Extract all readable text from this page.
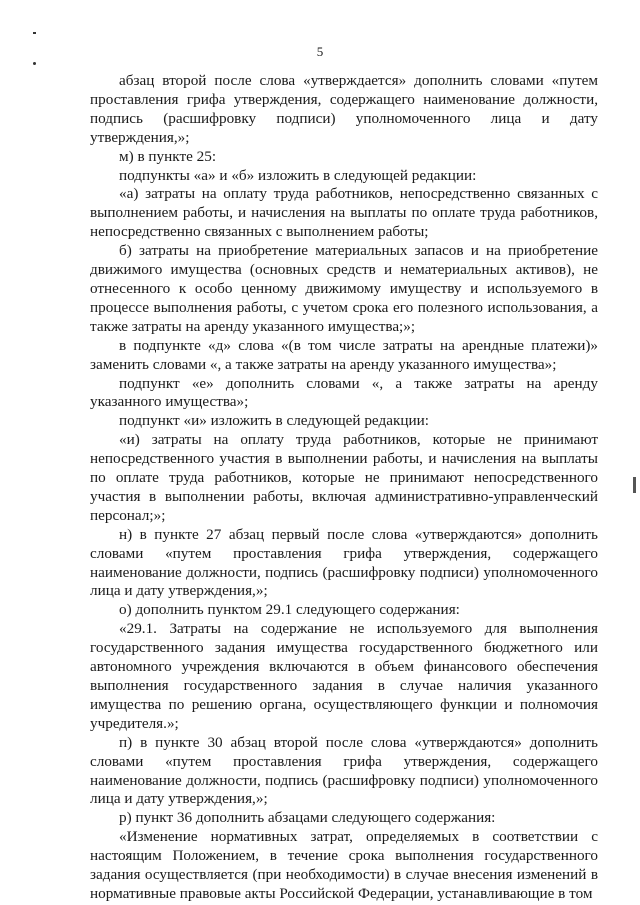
5

абзац второй после слова «утверждается» дополнить словами «путем проставления грифа утверждения, содержащего наименование должности, подпись (расшифровку подписи) уполномоченного лица и дату утверждения,»;

м) в пункте 25:

подпункты «а» и «б» изложить в следующей редакции:

«а) затраты на оплату труда работников, непосредственно связанных с выполнением работы, и начисления на выплаты по оплате труда работников, непосредственно связанных с выполнением работы;

б) затраты на приобретение материальных запасов и на приобретение движимого имущества (основных средств и нематериальных активов), не отнесенного к особо ценному движимому имуществу и используемого в процессе выполнения работы, с учетом срока его полезного использования, а также затраты на аренду указанного имущества;»;

в подпункте «д» слова «(в том числе затраты на арендные платежи)» заменить словами «, а также затраты на аренду указанного имущества»;

подпункт «е» дополнить словами «, а также затраты на аренду указанного имущества»;

подпункт «и» изложить в следующей редакции:

«и) затраты на оплату труда работников, которые не принимают непосредственного участия в выполнении работы, и начисления на выплаты по оплате труда работников, которые не принимают непосредственного участия в выполнении работы, включая административно-управленческий персонал;»;

н) в пункте 27 абзац первый после слова «утверждаются» дополнить словами «путем проставления грифа утверждения, содержащего наименование должности, подпись (расшифровку подписи) уполномоченного лица и дату утверждения,»;

о) дополнить пунктом 29.1 следующего содержания:

«29.1. Затраты на содержание не используемого для выполнения государственного задания имущества государственного бюджетного или автономного учреждения включаются в объем финансового обеспечения выполнения государственного задания в случае наличия указанного имущества по решению органа, осуществляющего функции и полномочия учредителя.»;

п) в пункте 30 абзац второй после слова «утверждаются» дополнить словами «путем проставления грифа утверждения, содержащего наименование должности, подпись (расшифровку подписи) уполномоченного лица и дату утверждения,»;

р) пункт 36 дополнить абзацами следующего содержания:

«Изменение нормативных затрат, определяемых в соответствии с настоящим Положением, в течение срока выполнения государственного задания осуществляется (при необходимости) в случае внесения изменений в нормативные правовые акты Российской Федерации, устанавливающие в том
